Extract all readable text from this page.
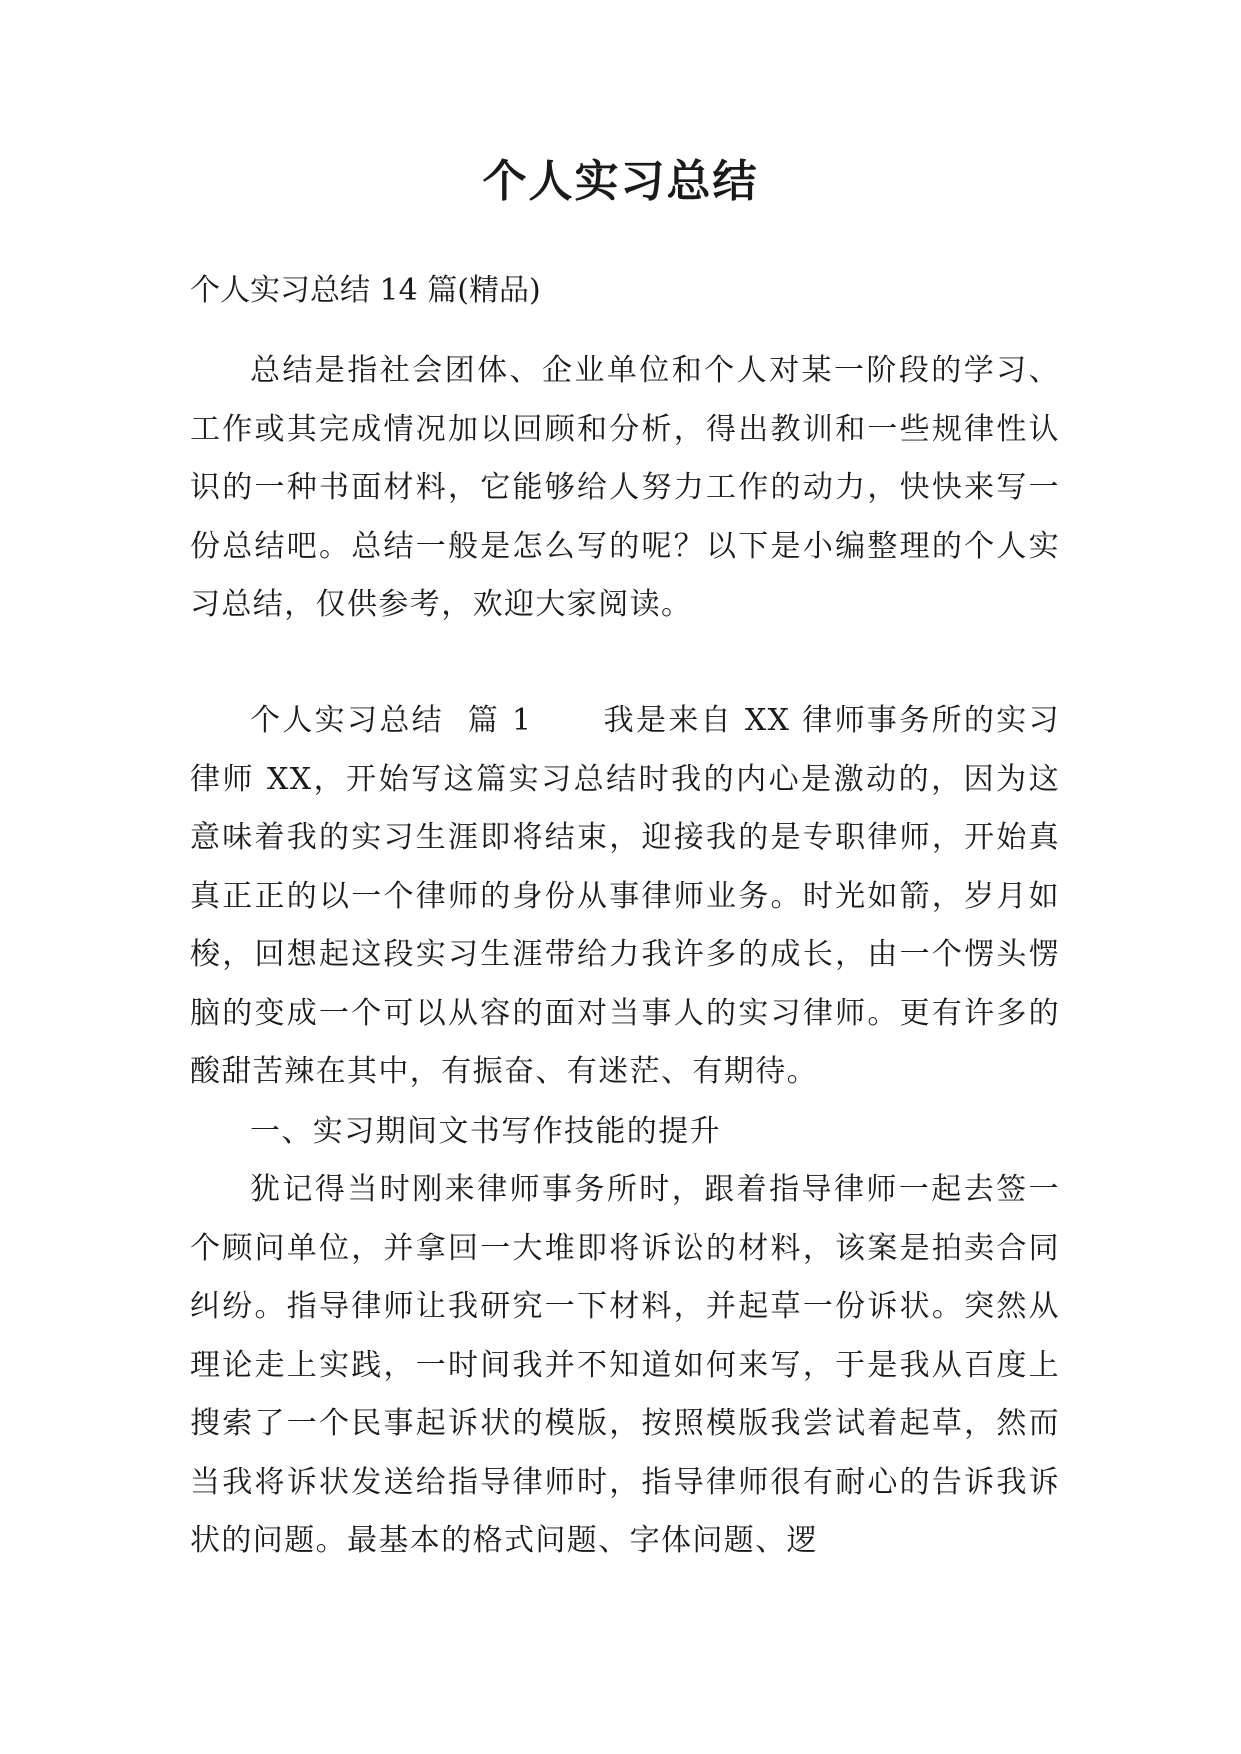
个人实习总结

个人实习总结 14 篇(精品)

总结是指社会团体、企业单位和个人对某一阶段的学习、工作或其完成情况加以回顾和分析，得出教训和一些规律性认识的一种书面材料，它能够给人努力工作的动力，快快来写一份总结吧。总结一般是怎么写的呢？以下是小编整理的个人实习总结，仅供参考，欢迎大家阅读。

个人实习总结  篇 1      我是来自 XX 律师事务所的实习律师 XX，开始写这篇实习总结时我的内心是激动的，因为这意味着我的实习生涯即将结束，迎接我的是专职律师，开始真真正正的以一个律师的身份从事律师业务。时光如箭，岁月如梭，回想起这段实习生涯带给力我许多的成长，由一个愣头愣脑的变成一个可以从容的面对当事人的实习律师。更有许多的酸甜苦辣在其中，有振奋、有迷茫、有期待。

一、实习期间文书写作技能的提升

犹记得当时刚来律师事务所时，跟着指导律师一起去签一个顾问单位，并拿回一大堆即将诉讼的材料，该案是拍卖合同纠纷。指导律师让我研究一下材料，并起草一份诉状。突然从理论走上实践，一时间我并不知道如何来写，于是我从百度上搜索了一个民事起诉状的模版，按照模版我尝试着起草，然而当我将诉状发送给指导律师时，指导律师很有耐心的告诉我诉状的问题。最基本的格式问题、字体问题、逻
